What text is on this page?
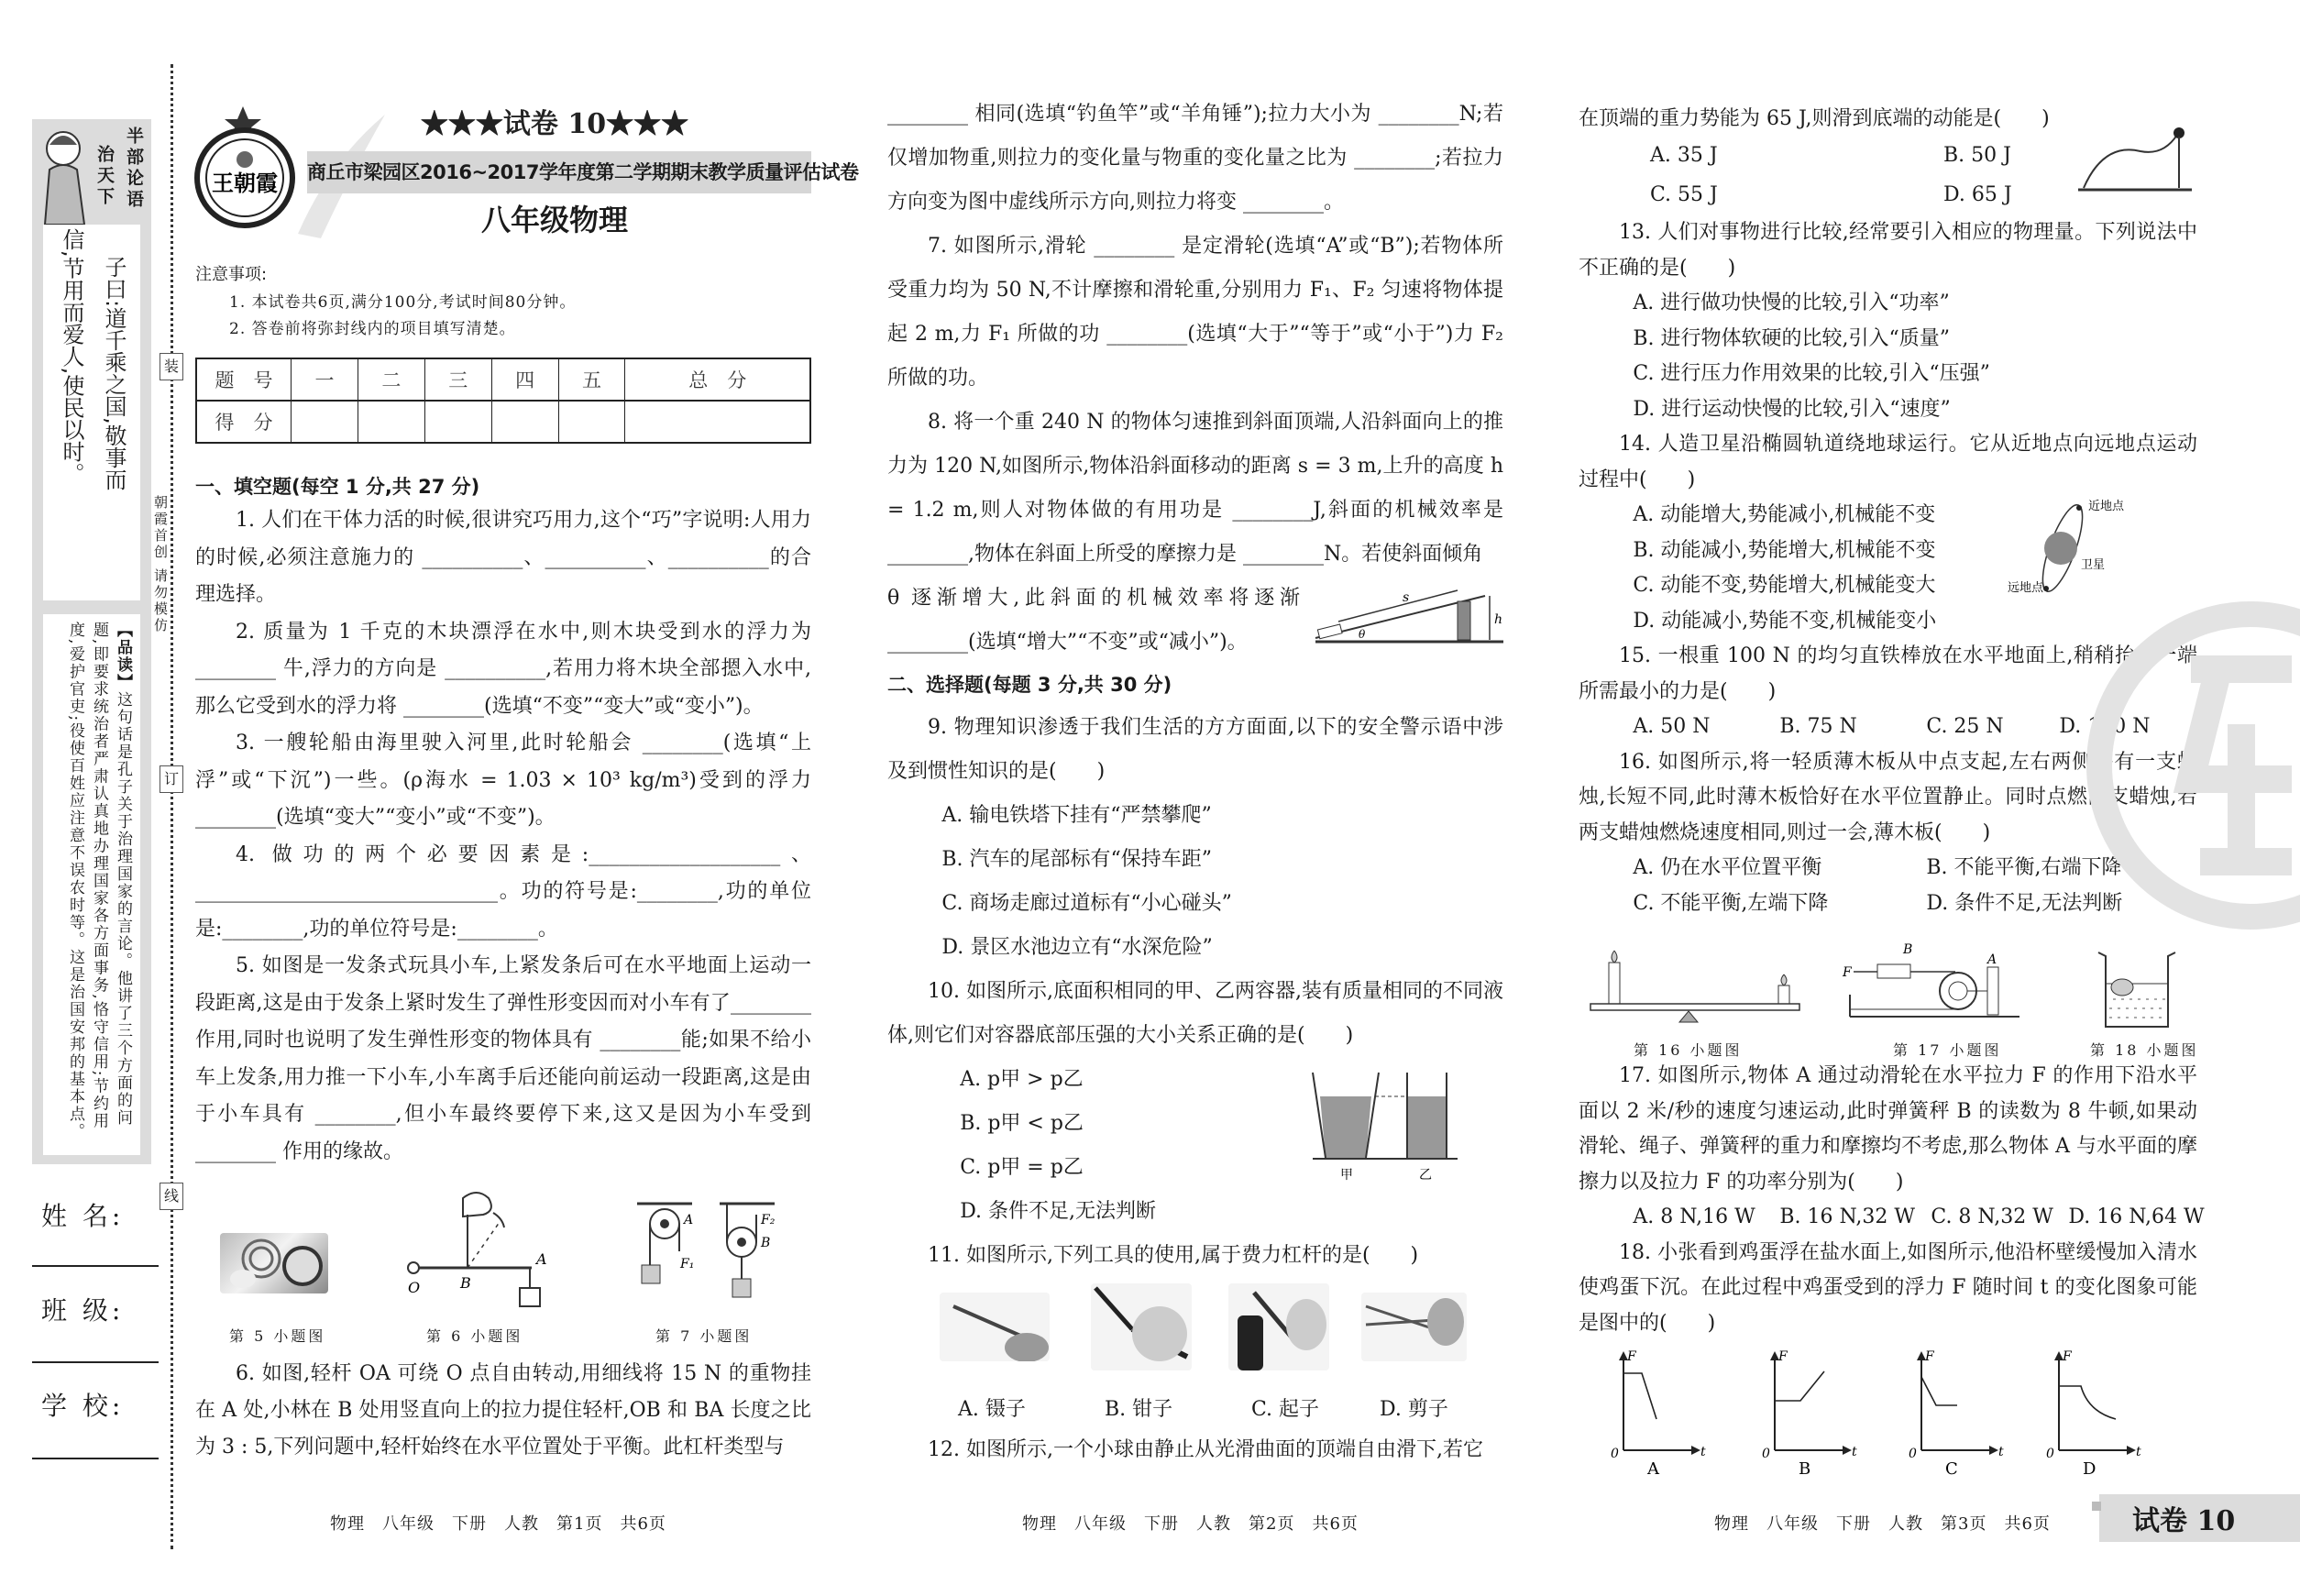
半部论语
治天下
子曰:道千乘之国,敬事而
信,节用而爱人,使民以时。
【品读】这句话是孔子关于治理国家的言论。他讲了三个方面的问题,即要求统治者严肃认真地办理国家各方面事务,恪守信用;节约用度,爱护官吏;役使百姓应注意不误农时等。这是治国安邦的基本点。
朝霞首创 请勿模仿
装
订
线
姓 名:
班 级:
学 校:
王朝霞
★★★试卷 10★★★
商丘市梁园区2016~2017学年度第二学期期末教学质量评估试卷
八年级物理
注意事项:
1. 本试卷共6页,满分100分,考试时间80分钟。
2. 答卷前将弥封线内的项目填写清楚。
题　号	一	二	三	四	五	总　分
得　分						
一、填空题(每空 1 分,共 27 分)

1. 人们在干体力活的时候,很讲究巧用力,这个“巧”字说明:人用力的时候,必须注意施力的 __________、__________、__________的合理选择。

2. 质量为 1 千克的木块漂浮在水中,则木块受到水的浮力为________ 牛,浮力的方向是 __________,若用力将木块全部摁入水中,那么它受到水的浮力将 ________(选填“不变”“变大”或“变小”)。

3. 一艘轮船由海里驶入河里,此时轮船会 ________(选填“上浮”或“下沉”)一些。(ρ海水 = 1.03 × 10³ kg/m³)受到的浮力 ________(选填“变大”“变小”或“不变”)。

4. 做功的两个必要因素是:___________________、______________________________。功的符号是:________,功的单位是:________,功的单位符号是:________。

5. 如图是一发条式玩具小车,上紧发条后可在水平地面上运动一段距离,这是由于发条上紧时发生了弹性形变因而对小车有了________ 作用,同时也说明了发生弹性形变的物体具有 ________能;如果不给小车上发条,用力推一下小车,小车离手后还能向前运动一段距离,这是由于小车具有 ________,但小车最终要停下来,这又是因为小车受到 ________ 作用的缘故。

O	B
A
A
F₁
F₂
B
第 5 小题图	第 6 小题图	第 7 小题图

6. 如图,轻杆 OA 可绕 O 点自由转动,用细线将 15 N 的重物挂在 A 处,小林在 B 处用竖直向上的拉力提住轻杆,OB 和 BA 长度之比为 3 : 5,下列问题中,轻杆始终在水平位置处于平衡。此杠杆类型与

物理　八年级　下册　人教　第1页　共6页

________ 相同(选填“钓鱼竿”或“羊角锤”);拉力大小为 ________N;若仅增加物重,则拉力的变化量与物重的变化量之比为 ________;若拉力方向变为图中虚线所示方向,则拉力将变 ________。

7. 如图所示,滑轮 ________ 是定滑轮(选填“A”或“B”);若物体所受重力均为 50 N,不计摩擦和滑轮重,分别用力 F₁、F₂ 匀速将物体提起 2 m,力 F₁ 所做的功 ________(选填“大于”“等于”或“小于”)力 F₂ 所做的功。

8. 将一个重 240 N 的物体匀速推到斜面顶端,人沿斜面向上的推力为 120 N,如图所示,物体沿斜面移动的距离 s = 3 m,上升的高度 h = 1.2 m,则人对物体做的有用功是 ________J,斜面的机械效率是________,物体在斜面上所受的摩擦力是 ________N。若使斜面倾角

θ 逐渐增大,此斜面的机械效率将逐渐________(选填“增大”“不变”或“减小”)。

s
h
θ
二、选择题(每题 3 分,共 30 分)

9. 物理知识渗透于我们生活的方方面面,以下的安全警示语中涉及到惯性知识的是(　　)

A. 输电铁塔下挂有“严禁攀爬”

B. 汽车的尾部标有“保持车距”

C. 商场走廊过道标有“小心碰头”

D. 景区水池边立有“水深危险”

10. 如图所示,底面积相同的甲、乙两容器,装有质量相同的不同液体,则它们对容器底部压强的大小关系正确的是(　　)

A. p甲 > p乙

B. p甲 < p乙

C. p甲 = p乙

D. 条件不足,无法判断

11. 如图所示,下列工具的使用,属于费力杠杆的是(　　)

甲	乙
A. 镊子	B. 钳子	C. 起子	D. 剪子

12. 如图所示,一个小球由静止从光滑曲面的顶端自由滑下,若它

物理　八年级　下册　人教　第2页　共6页
在顶端的重力势能为 65 J,则滑到底端的动能是(　　)
A. 35 J	B. 50 J
C. 55 J	D. 65 J

13. 人们对事物进行比较,经常要引入相应的物理量。下列说法中不正确的是(　　)

A. 进行做功快慢的比较,引入“功率”

B. 进行物体软硬的比较,引入“质量”

C. 进行压力作用效果的比较,引入“压强”

D. 进行运动快慢的比较,引入“速度”

14. 人造卫星沿椭圆轨道绕地球运行。它从近地点向远地点运动过程中(　　)

A. 动能增大,势能减小,机械能不变

B. 动能减小,势能增大,机械能不变

C. 动能不变,势能增大,机械能变大

D. 动能减小,势能不变,机械能变小

15. 一根重 100 N 的均匀直铁棒放在水平地面上,稍稍抬起一端所需最小的力是(　　)

A. 50 N	B. 75 N	C. 25 N	D. 100 N

16. 如图所示,将一轻质薄木板从中点支起,左右两侧各有一支蜡烛,长短不同,此时薄木板恰好在水平位置静止。同时点燃两支蜡烛,若两支蜡烛燃烧速度相同,则过一会,薄木板(　　)

A. 仍在水平位置平衡	B. 不能平衡,右端下降
C. 不能平衡,左端下降	D. 条件不足,无法判断
近地点
远地点
卫星
B
A
F
第 16 小题图	第 17 小题图	第 18 小题图

17. 如图所示,物体 A 通过动滑轮在水平拉力 F 的作用下沿水平面以 2 米/秒的速度匀速运动,此时弹簧秤 B 的读数为 8 牛顿,如果动滑轮、绳子、弹簧秤的重力和摩擦均不考虑,那么物体 A 与水平面的摩擦力以及拉力 F 的功率分别为(　　)

A. 8 N,16 W	B. 16 N,32 W C. 8 N,32 W D. 16 N,64 W

18. 小张看到鸡蛋浮在盐水面上,如图所示,他沿杯壁缓慢加入清水使鸡蛋下沉。在此过程中鸡蛋受到的浮力 F 随时间 t 的变化图象可能是图中的(　　)

F
t
0
A
F
t
0
B
F
t
0
C
F
t
0
D
物理　八年级　下册　人教　第3页　共6页	试卷 10
